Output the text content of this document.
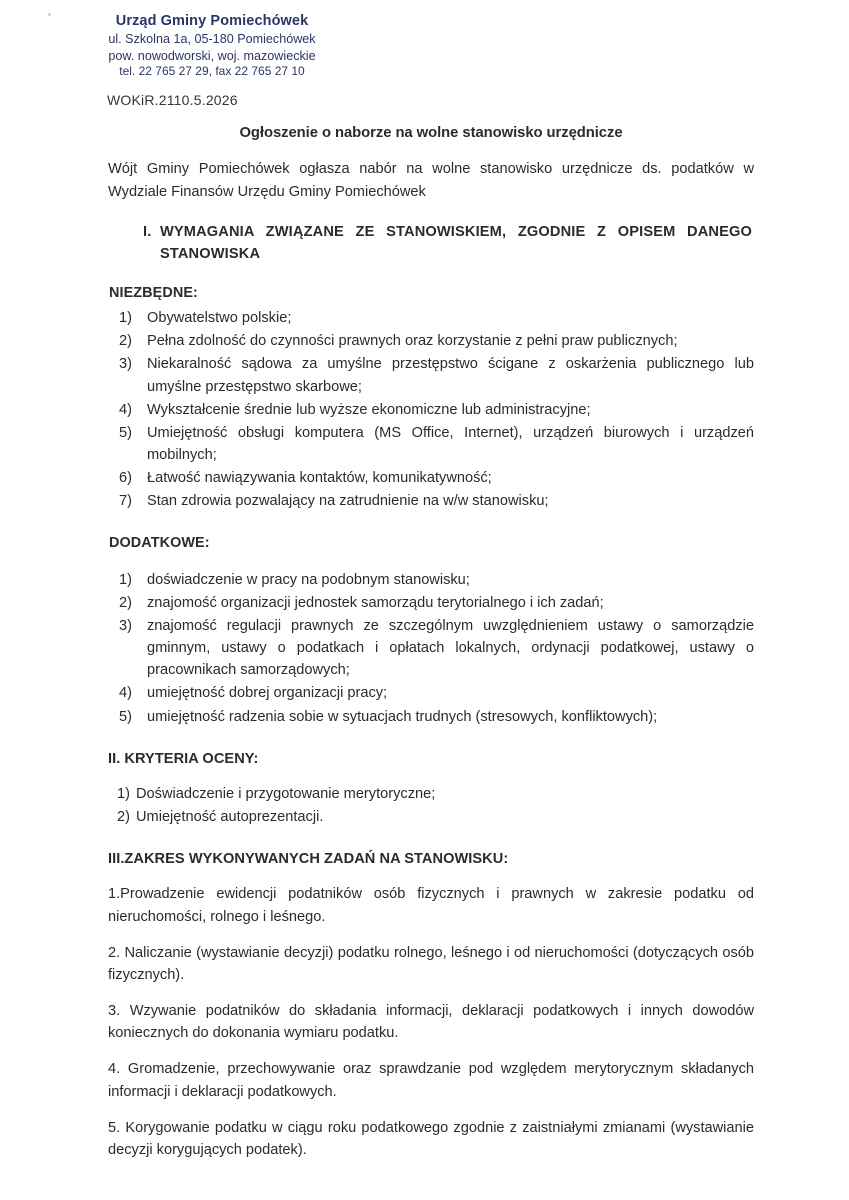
Urząd Gminy Pomiechówek
ul. Szkolna 1a, 05-180 Pomiechówek
pow. nowodworski, woj. mazowieckie
tel. 22 765 27 29, fax 22 765 27 10
WOKiR.2110.5.2026
Ogłoszenie o naborze na wolne stanowisko urzędnicze

Wójt Gminy Pomiechówek ogłasza nabór na wolne stanowisko urzędnicze ds. podatków w Wydziale Finansów Urzędu Gminy Pomiechówek

I. WYMAGANIA ZWIĄZANE ZE STANOWISKIEM, ZGODNIE Z OPISEM DANEGO
STANOWISKA
NIEZBĘDNE:
1)	Obywatelstwo polskie;
2)	Pełna zdolność do czynności prawnych oraz korzystanie z pełni praw publicznych;
3)	Niekaralność sądowa za umyślne przestępstwo ścigane z oskarżenia publicznego lub umyślne przestępstwo skarbowe;
4)	Wykształcenie średnie lub wyższe ekonomiczne lub administracyjne;
5)	Umiejętność obsługi komputera (MS Office, Internet), urządzeń biurowych i urządzeń mobilnych;
6)	Łatwość nawiązywania kontaktów, komunikatywność;
7)	Stan zdrowia pozwalający na zatrudnienie na w/w stanowisku;
DODATKOWE:
1)	doświadczenie w pracy na podobnym stanowisku;
2)	znajomość organizacji jednostek samorządu terytorialnego i ich zadań;
3)	znajomość regulacji prawnych ze szczególnym uwzględnieniem ustawy o samorządzie gminnym, ustawy o podatkach i opłatach lokalnych, ordynacji podatkowej, ustawy o pracownikach samorządowych;
4)	umiejętność dobrej organizacji pracy;
5)	umiejętność radzenia sobie w sytuacjach trudnych (stresowych, konfliktowych);
II. KRYTERIA OCENY:
1) Doświadczenie i przygotowanie merytoryczne;
2) Umiejętność autoprezentacji.
III.ZAKRES WYKONYWANYCH ZADAŃ NA STANOWISKU:

1.Prowadzenie ewidencji podatników osób fizycznych i prawnych w zakresie podatku od nieruchomości, rolnego i leśnego.

2. Naliczanie (wystawianie decyzji) podatku rolnego, leśnego i od nieruchomości (dotyczących osób fizycznych).

3. Wzywanie podatników do składania informacji, deklaracji podatkowych i innych dowodów koniecznych do dokonania wymiaru podatku.

4. Gromadzenie, przechowywanie oraz sprawdzanie pod względem merytorycznym składanych informacji i deklaracji podatkowych.

5. Korygowanie podatku w ciągu roku podatkowego zgodnie z zaistniałymi zmianami (wystawianie decyzji korygujących podatek).
